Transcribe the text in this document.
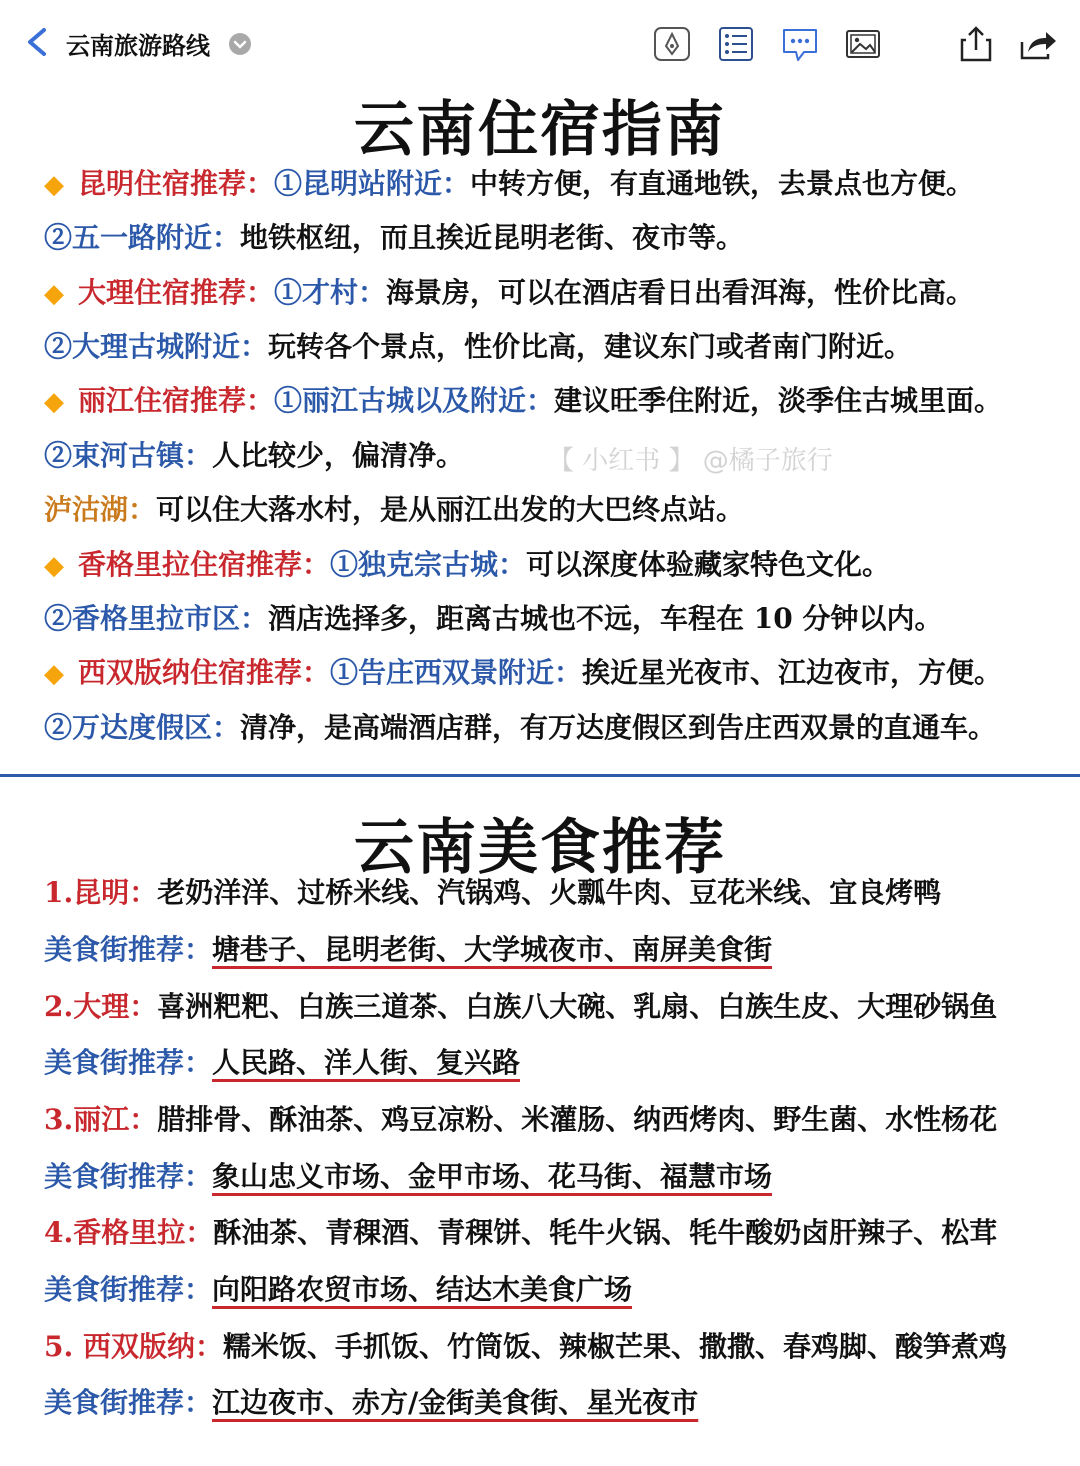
云南旅游路线
云南住宿指南
◆ 昆明住宿推荐：①昆明站附近：中转方便，有直通地铁，去景点也方便。
②五一路附近：地铁枢纽，而且挨近昆明老街、夜市等。
◆ 大理住宿推荐：①才村：海景房，可以在酒店看日出看洱海，性价比高。
②大理古城附近：玩转各个景点，性价比高，建议东门或者南门附近。
◆ 丽江住宿推荐：①丽江古城以及附近：建议旺季住附近，淡季住古城里面。
②束河古镇：人比较少，偏清净。
泸沽湖：可以住大落水村，是从丽江出发的大巴终点站。
◆ 香格里拉住宿推荐：①独克宗古城：可以深度体验藏家特色文化。
②香格里拉市区：酒店选择多，距离古城也不远，车程在 10 分钟以内。
◆ 西双版纳住宿推荐：①告庄西双景附近：挨近星光夜市、江边夜市，方便。
②万达度假区：清净，是高端酒店群，有万达度假区到告庄西双景的直通车。
【 小红书 】 @橘子旅行
云南美食推荐
1.昆明：老奶洋洋、过桥米线、汽锅鸡、火瓢牛肉、豆花米线、宜良烤鸭
美食街推荐：塘巷子、昆明老街、大学城夜市、南屏美食街
2.大理：喜洲粑粑、白族三道茶、白族八大碗、乳扇、白族生皮、大理砂锅鱼
美食街推荐：人民路、洋人街、复兴路
3.丽江：腊排骨、酥油茶、鸡豆凉粉、米灌肠、纳西烤肉、野生菌、水性杨花
美食街推荐：象山忠义市场、金甲市场、花马街、福慧市场
4.香格里拉：酥油茶、青稞酒、青稞饼、牦牛火锅、牦牛酸奶卤肝辣子、松茸
美食街推荐：向阳路农贸市场、结达木美食广场
5. 西双版纳：糯米饭、手抓饭、竹筒饭、辣椒芒果、撒撒、春鸡脚、酸笋煮鸡
美食街推荐：江边夜市、赤方/金街美食街、星光夜市
